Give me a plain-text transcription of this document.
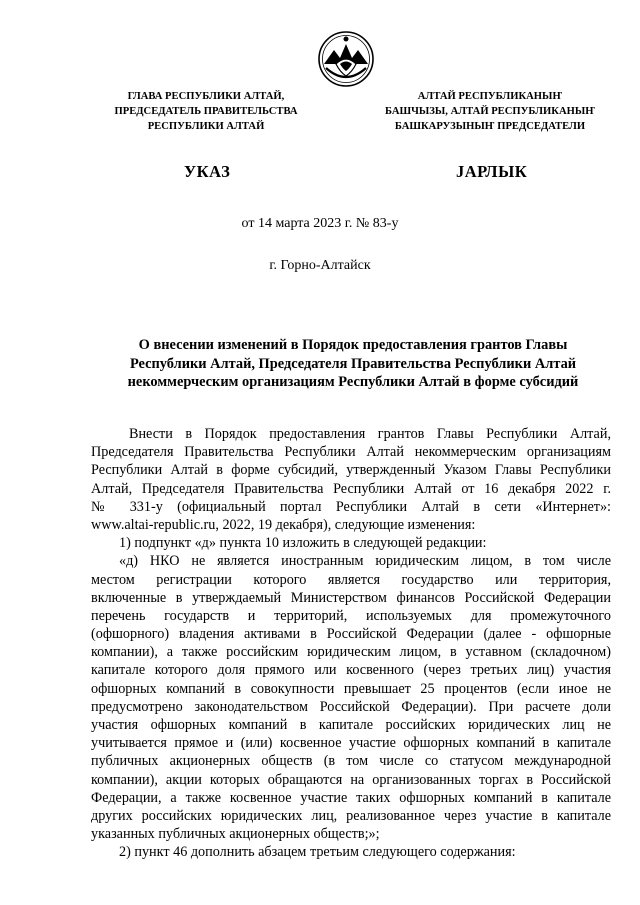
ГЛАВА РЕСПУБЛИКИ АЛТАЙ,
ПРЕДСЕДАТЕЛЬ ПРАВИТЕЛЬСТВА
РЕСПУБЛИКИ АЛТАЙ
АЛТАЙ РЕСПУБЛИКАНЫҤ
БАШЧЫЗЫ, АЛТАЙ РЕСПУБЛИКАНЫҤ
БАШКАРУЗЫНЫҤ ПРЕДСЕДАТЕЛИ
УКАЗ	JАРЛЫК
от 14 марта 2023 г. № 83-у
г. Горно-Алтайск
О внесении изменений в Порядок предоставления грантов Главы
Республики Алтай, Председателя Правительства Республики Алтай
некоммерческим организациям Республики Алтай в форме субсидий
Внести в Порядок предоставления грантов Главы Республики Алтай,
Председателя Правительства Республики Алтай некоммерческим организациям
Республики Алтай в форме субсидий, утвержденный Указом Главы Республики
Алтай, Председателя Правительства Республики Алтай от 16 декабря 2022 г.
№ 331-у (официальный портал Республики Алтай в сети «Интернет»:
www.altai-republic.ru, 2022, 19 декабря), следующие изменения:
1) подпункт «д» пункта 10 изложить в следующей редакции:
«д) НКО не является иностранным юридическим лицом, в том числе
местом регистрации которого является государство или территория,
включенные в утверждаемый Министерством финансов Российской Федерации
перечень государств и территорий, используемых для промежуточного
(офшорного) владения активами в Российской Федерации (далее - офшорные
компании), а также российским юридическим лицом, в уставном (складочном)
капитале которого доля прямого или косвенного (через третьих лиц) участия
офшорных компаний в совокупности превышает 25 процентов (если иное не
предусмотрено законодательством Российской Федерации). При расчете доли
участия офшорных компаний в капитале российских юридических лиц не
учитывается прямое и (или) косвенное участие офшорных компаний в капитале
публичных акционерных обществ (в том числе со статусом международной
компании), акции которых обращаются на организованных торгах в Российской
Федерации, а также косвенное участие таких офшорных компаний в капитале
других российских юридических лиц, реализованное через участие в капитале
указанных публичных акционерных обществ;»;
2) пункт 46 дополнить абзацем третьим следующего содержания:
